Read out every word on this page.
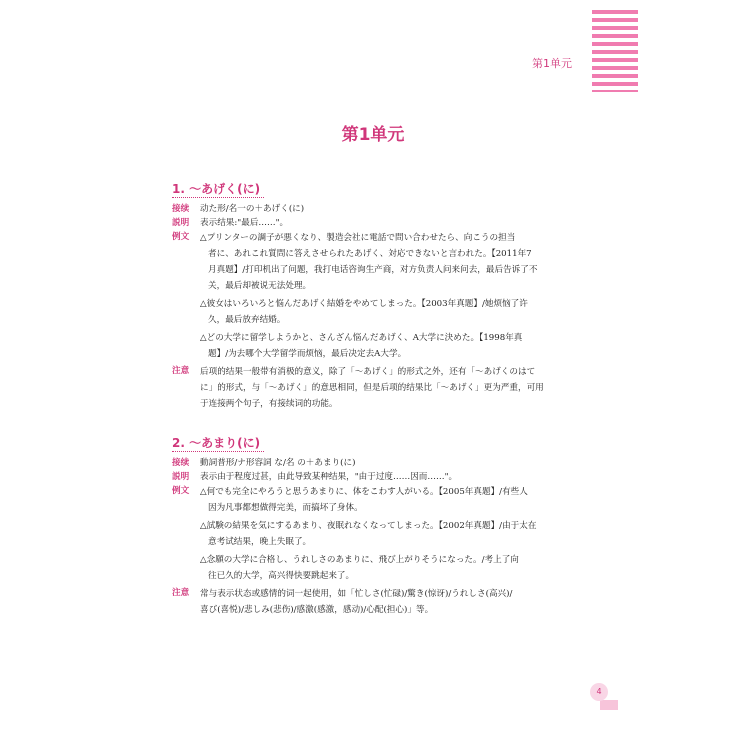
第1单元
第1单元
1. ～あげく(に)
接续	动た形/名一の＋あげく(に)
説明	表示结果:"最后……"。
例文	△プリンターの調子が悪くなり、製造会社に電話で問い合わせたら、向こうの担当
者に、あれこれ質問に答えさせられたあげく、対応できないと言われた。【2011年7
月真题】/打印机出了问题，我打电话咨询生产商，对方负责人问来问去，最后告诉了不
关，最后却被说无法处理。
△彼女はいろいろと悩んだあげく結婚をやめてしまった。【2003年真题】/她烦恼了许
久，最后放弃结婚。
△どの大学に留学しようかと、さんざん悩んだあげく、A大学に決めた。【1998年真
题】/为去哪个大学留学而烦恼，最后决定去A大学。
注意	后项的结果一般带有消极的意义，除了「～あげく」的形式之外，还有「～あげくのはて
に」的形式，与「～あげく」的意思相同，但是后项的结果比「～あげく」更为严重，可用
于连接两个句子，有接续词的功能。
2. ～あまり(に)
接续	動詞普形/ナ形容詞 な/名 の＋あまり(に)
説明	表示由于程度过甚，由此导致某种结果，"由于过度……因而……"。
例文	△何でも完全にやろうと思うあまりに、体をこわす人がいる。【2005年真题】/有些人
因为凡事都想做得完美，而搞坏了身体。
△試験の結果を気にするあまり、夜眠れなくなってしまった。【2002年真题】/由于太在
意考试结果，晚上失眠了。
△念願の大学に合格し、うれしさのあまりに、飛び上がりそうになった。/考上了向
往已久的大学，高兴得快要跳起来了。
注意	常与表示状态或感情的词一起使用，如「忙しさ(忙碌)/驚き(惊讶)/うれしさ(高兴)/
喜び(喜悦)/悲しみ(悲伤)/感激(感激，感动)/心配(担心)」等。
4
